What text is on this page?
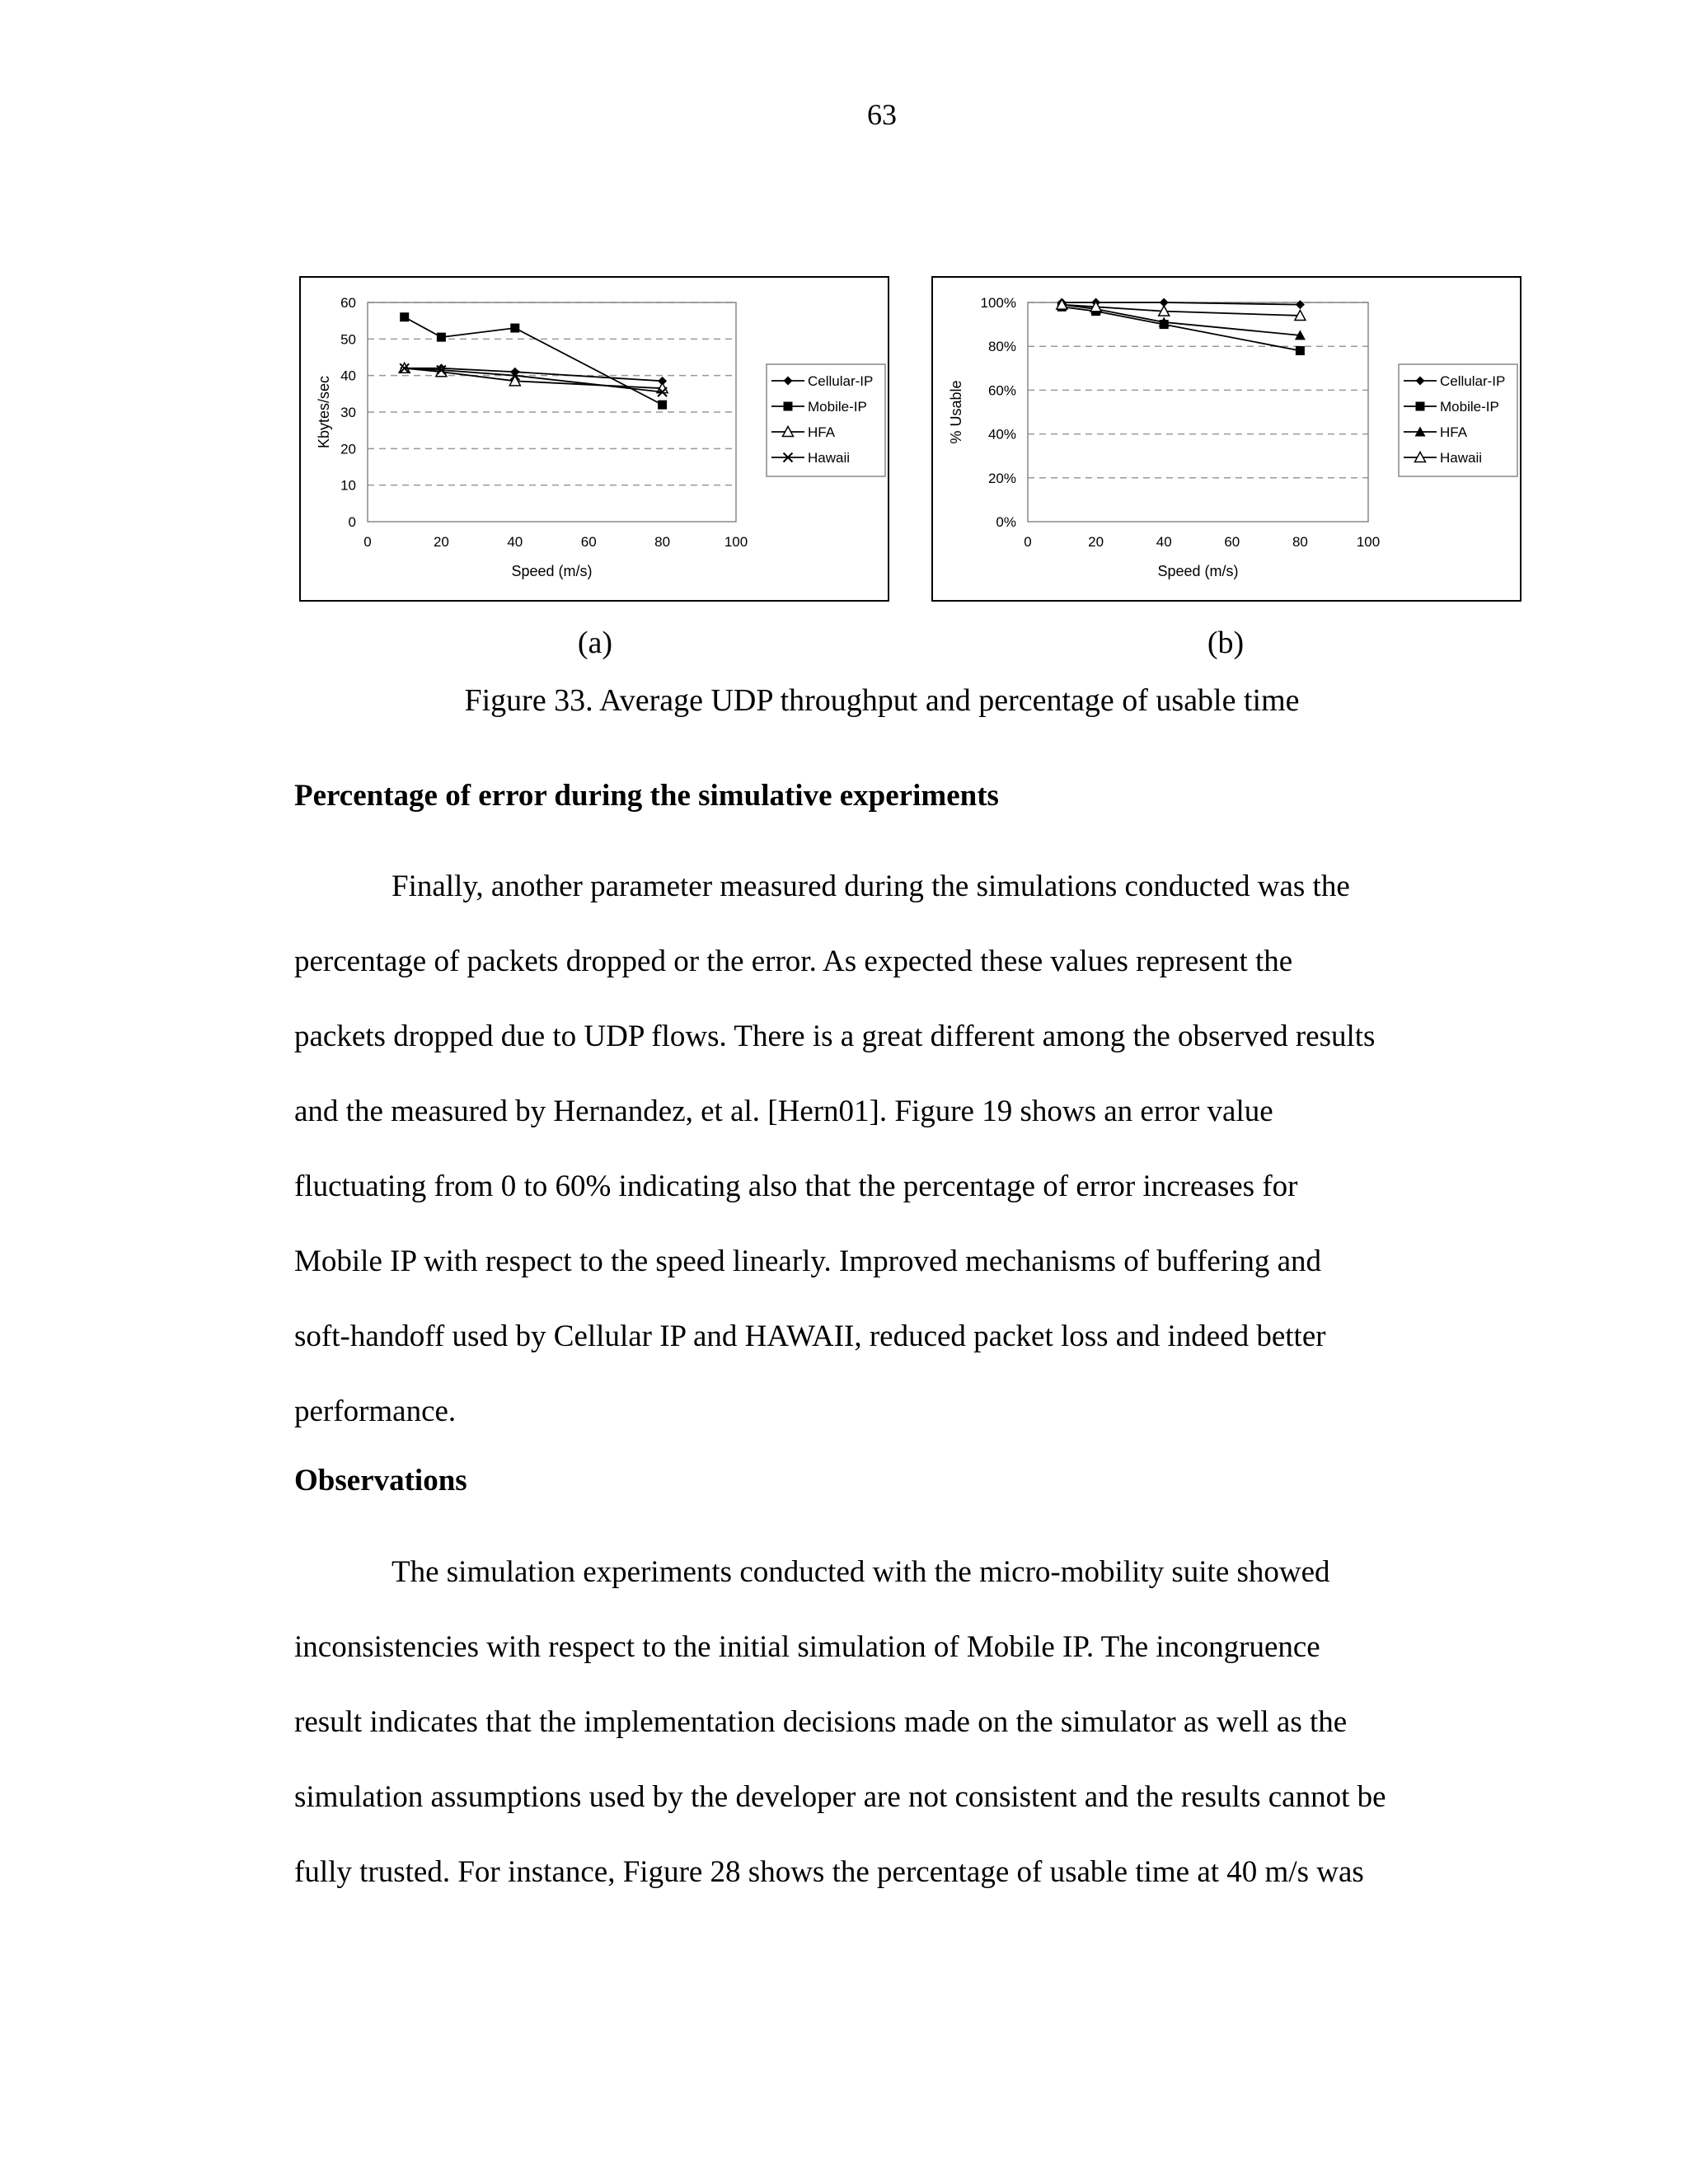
63
0
10
20
30
40
50
60
0	20	40	60	80	100
Speed (m/s)
Kbytes/sec	Cellular-IP
Mobile-IP
HFA
Hawaii
0%
20%
40%
60%
80%
100%
0	20	40	60	80	100
Speed (m/s)
% Usable	Cellular-IP
Mobile-IP
HFA
Hawaii
(a)	(b)
Figure 33. Average UDP throughput and percentage of usable time
Percentage of error during the simulative experiments
Finally, another parameter measured during the simulations conducted was the
percentage of packets dropped or the error. As expected these values represent the
packets dropped due to UDP flows. There is a great different among the observed results
and the measured by Hernandez, et al. [Hern01]. Figure 19 shows an error value
fluctuating from 0 to 60% indicating also that the percentage of error increases for
Mobile IP with respect to the speed linearly. Improved mechanisms of buffering and
soft-handoff used by Cellular IP and HAWAII, reduced packet loss and indeed better
performance.
Observations
The simulation experiments conducted with the micro-mobility suite showed
inconsistencies with respect to the initial simulation of Mobile IP. The incongruence
result indicates that the implementation decisions made on the simulator as well as the
simulation assumptions used by the developer are not consistent and the results cannot be
fully trusted. For instance, Figure 28 shows the percentage of usable time at 40 m/s was
